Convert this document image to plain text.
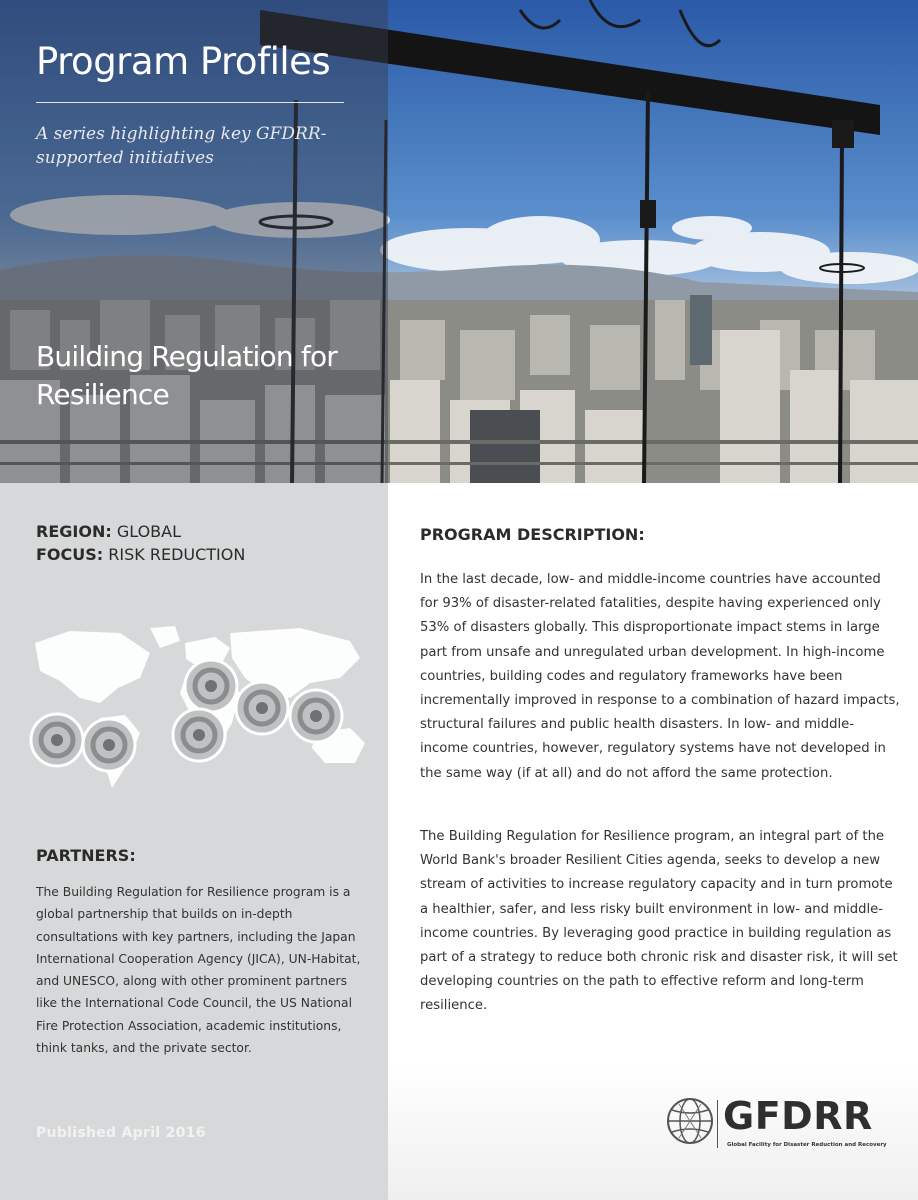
Program Profiles
A series highlighting key GFDRR-supported initiatives
Building Regulation for Resilience
REGION: GLOBAL
FOCUS: RISK REDUCTION
PARTNERS:
The Building Regulation for Resilience program is a global partnership that builds on in-depth consultations with key partners, including the Japan International Cooperation Agency (JICA), UN-Habitat, and UNESCO, along with other prominent partners like the International Code Council, the US National Fire Protection Association, academic institutions, think tanks, and the private sector.
Published April 2016
PROGRAM DESCRIPTION:

In the last decade, low- and middle-income countries have accounted for 93% of disaster-related fatalities, despite having experienced only 53% of disasters globally. This disproportionate impact stems in large part from unsafe and unregulated urban development. In high-income countries, building codes and regulatory frameworks have been incrementally improved in response to a combination of hazard impacts, structural failures and public health disasters. In low- and middle-income countries, however, regulatory systems have not developed in the same way (if at all) and do not afford the same protection.

The Building Regulation for Resilience program, an integral part of the World Bank's broader Resilient Cities agenda, seeks to develop a new stream of activities to increase regulatory capacity and in turn promote a healthier, safer, and less risky built environment in low- and middle-income countries. By leveraging good practice in building regulation as part of a strategy to reduce both chronic risk and disaster risk, it will set developing countries on the path to effective reform and long-term resilience.

GFDRR
Global Facility for Disaster Reduction and Recovery
